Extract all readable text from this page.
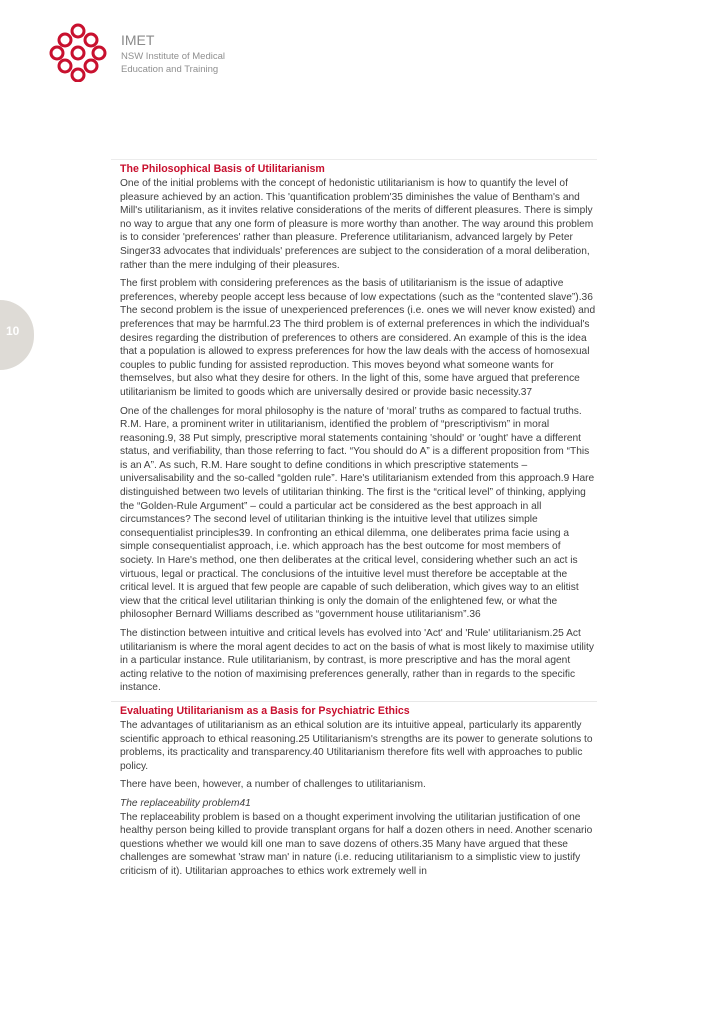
IMET

NSW Institute of Medical Education and Training

10

The Philosophical Basis of Utilitarianism

One of the initial problems with the concept of hedonistic utilitarianism is how to quantify the level of pleasure achieved by an action. This 'quantification problem'35 diminishes the value of Bentham's and Mill's utilitarianism, as it invites relative considerations of the merits of different pleasures. There is simply no way to argue that any one form of pleasure is more worthy than another. The way around this problem is to consider 'preferences' rather than pleasure. Preference utilitarianism, advanced largely by Peter Singer33 advocates that individuals' preferences are subject to the consideration of a moral deliberation, rather than the mere indulging of their pleasures.

The first problem with considering preferences as the basis of utilitarianism is the issue of adaptive preferences, whereby people accept less because of low expectations (such as the “contented slave”).36 The second problem is the issue of unexperienced preferences (i.e. ones we will never know existed) and preferences that may be harmful.23 The third problem is of external preferences in which the individual's desires regarding the distribution of preferences to others are considered. An example of this is the idea that a population is allowed to express preferences for how the law deals with the access of homosexual couples to public funding for assisted reproduction. This moves beyond what someone wants for themselves, but also what they desire for others. In the light of this, some have argued that preference utilitarianism be limited to goods which are universally desired or provide basic necessity.37

One of the challenges for moral philosophy is the nature of ‘moral’ truths as compared to factual truths. R.M. Hare, a prominent writer in utilitarianism, identified the problem of “prescriptivism” in moral reasoning.9, 38 Put simply, prescriptive moral statements containing 'should' or 'ought' have a different status, and verifiability, than those referring to fact. “You should do A” is a different proposition from “This is an A”. As such, R.M. Hare sought to define conditions in which prescriptive statements – universalisability and the so-called “golden rule”. Hare's utilitarianism extended from this approach.9 Hare distinguished between two levels of utilitarian thinking. The first is the “critical level” of thinking, applying the “Golden-Rule Argument” – could a particular act be considered as the best approach in all circumstances? The second level of utilitarian thinking is the intuitive level that utilizes simple consequentialist principles39. In confronting an ethical dilemma, one deliberates prima facie using a simple consequentialist approach, i.e. which approach has the best outcome for most members of society. In Hare's method, one then deliberates at the critical level, considering whether such an act is virtuous, legal or practical. The conclusions of the intuitive level must therefore be acceptable at the critical level. It is argued that few people are capable of such deliberation, which gives way to an elitist view that the critical level utilitarian thinking is only the domain of the enlightened few, or what the philosopher Bernard Williams described as “government house utilitarianism”.36

The distinction between intuitive and critical levels has evolved into 'Act' and 'Rule' utilitarianism.25 Act utilitarianism is where the moral agent decides to act on the basis of what is most likely to maximise utility in a particular instance. Rule utilitarianism, by contrast, is more prescriptive and has the moral agent acting relative to the notion of maximising preferences generally, rather than in regards to the specific instance.

Evaluating Utilitarianism as a Basis for Psychiatric Ethics

The advantages of utilitarianism as an ethical solution are its intuitive appeal, particularly its apparently scientific approach to ethical reasoning.25 Utilitarianism's strengths are its power to generate solutions to problems, its practicality and transparency.40 Utilitarianism therefore fits well with approaches to public policy.

There have been, however, a number of challenges to utilitarianism.

The replaceability problem41

The replaceability problem is based on a thought experiment involving the utilitarian justification of one healthy person being killed to provide transplant organs for half a dozen others in need. Another scenario questions whether we would kill one man to save dozens of others.35 Many have argued that these challenges are somewhat 'straw man' in nature (i.e. reducing utilitarianism to a simplistic view to justify criticism of it). Utilitarian approaches to ethics work extremely well in
